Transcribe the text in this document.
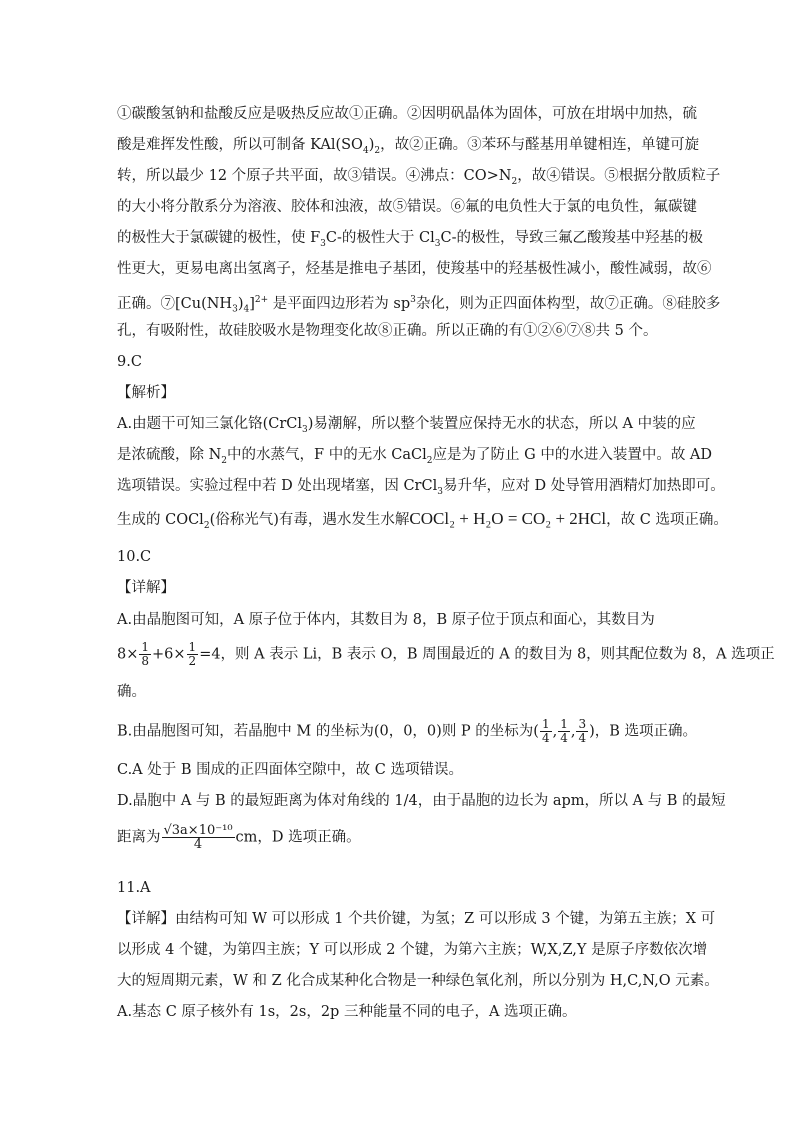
①碳酸氢钠和盐酸反应是吸热反应故①正确。②因明矾晶体为固体，可放在坩埚中加热，硫
酸是难挥发性酸，所以可制备 $KAl(SO_4)_2$，故②正确。③苯环与醛基用单键相连，单键可旋
转，所以最少 12 个原子共平面，故③错误。④沸点：$CO>N_2$，故④错误。⑤根据分散质粒子
的大小将分散系分为溶液、胶体和浊液，故⑤错误。⑥氟的电负性大于氯的电负性，氟碳键
的极性大于氯碳键的极性，使 $F_3C-$的极性大于 $Cl_3C-$的极性，导致三氟乙酸羧基中羟基的极
性更大，更易电离出氢离子，烃基是推电子基团，使羧基中的羟基极性减小，酸性减弱，故⑥
正确。$⑦[Cu(NH_3)_4]^{2+}$ 是平面四边形若为 $sp^3$杂化，则为正四面体构型，故⑦正确。⑧硅胶多
孔，有吸附性，故硅胶吸水是物理变化故⑧正确。所以正确的有①②⑥⑦⑧共 5 个。
9.C
【解析】
A.由题干可知三氯化铬(CrCl$_3$)易潮解，所以整个装置应保持无水的状态，所以 A 中装的应
是浓硫酸，除 $N_2$中的水蒸气，F 中的无水 CaCl$_2$应是为了防止 G 中的水进入装置中。故 AD
选项错误。实验过程中若 D 处出现堵塞，因 CrCl$_3$易升华，应对 D 处导管用酒精灯加热即可。
生成的 COCl$_2$(俗称光气)有毒，遇水发生水解COCl₂ + H₂O = CO₂ + 2HCl，故 C 选项正确。
10.C
【详解】
A.由晶胞图可知，A 原子位于体内，其数目为 8，B 原子位于顶点和面心，其数目为
$8\times \frac{1}{8} +6\times \frac{1}{2} =4$，则 A 表示 Li，B 表示 O，B 周围最近的 A 的数目为 8，则其配位数为 8，A 选项正
确。
B.由晶胞图可知，若晶胞中 M 的坐标为(0，0，0)则 P 的坐标为( $\frac{1}{4}$ , $\frac{1}{4}$ , $\frac{3}{4}$ )，B 选项正确。
C.A 处于 B 围成的正四面体空隙中，故 C 选项错误。
D.晶胞中 A 与 B 的最短距离为体对角线的 1/4，由于晶胞的边长为 apm，所以 A 与 B 的最短
距离为 $\frac{\text{√3a×10⁻¹⁰}}{4}$ cm，D 选项正确。
11.A
【详解】由结构可知 W 可以形成 1 个共价键，为氢；Z 可以形成 3 个键，为第五主族；X 可
以形成 4 个键，为第四主族；Y 可以形成 2 个键，为第六主族；W,X,Z,Y 是原子序数依次增
大的短周期元素，W 和 Z 化合成某种化合物是一种绿色氧化剂，所以分别为 H,C,N,O 元素。
A.基态 C 原子核外有 1s，2s，2p 三种能量不同的电子，A 选项正确。
